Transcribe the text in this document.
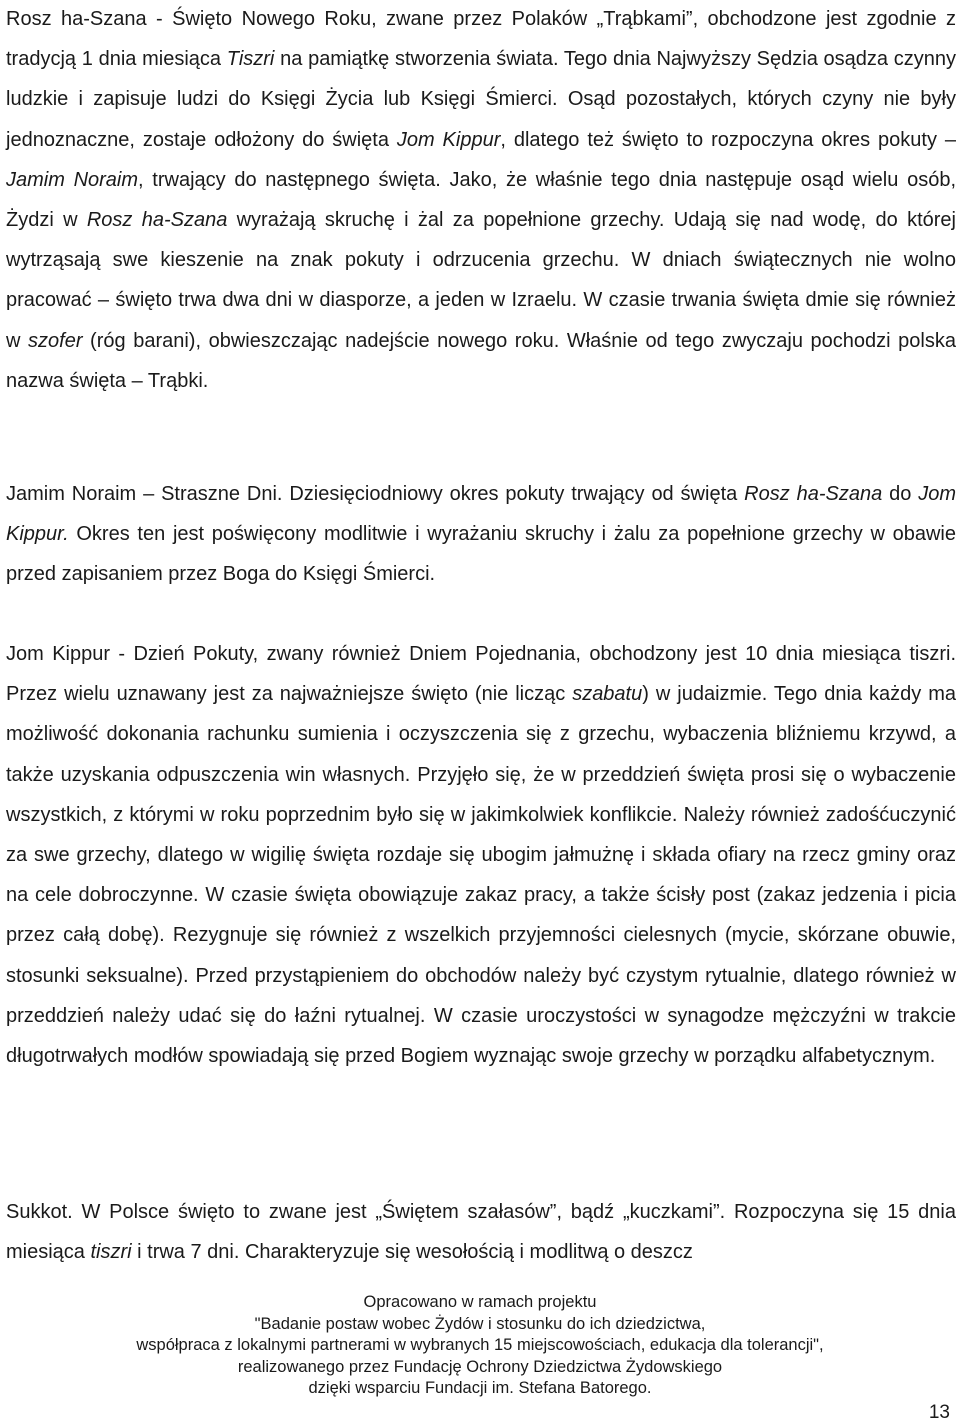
Rosz ha-Szana - Święto Nowego Roku, zwane przez Polaków „Trąbkami”, obchodzone jest zgodnie z tradycją 1 dnia miesiąca Tiszri na pamiątkę stworzenia świata. Tego dnia Najwyższy Sędzia osądza czynny ludzkie i zapisuje ludzi do Księgi Życia lub Księgi Śmierci. Osąd pozostałych, których czyny nie były jednoznaczne, zostaje odłożony do święta Jom Kippur, dlatego też święto to rozpoczyna okres pokuty – Jamim Noraim, trwający do następnego święta. Jako, że właśnie tego dnia następuje osąd wielu osób, Żydzi w Rosz ha-Szana wyrażają skruchę i żal za popełnione grzechy. Udają się nad wodę, do której wytrząsają swe kieszenie na znak pokuty i odrzucenia grzechu. W dniach świątecznych nie wolno pracować – święto trwa dwa dni w diasporze, a jeden w Izraelu. W czasie trwania święta dmie się również w szofer (róg barani), obwieszczając nadejście nowego roku. Właśnie od tego zwyczaju pochodzi polska nazwa święta – Trąbki.

Jamim Noraim – Straszne Dni. Dziesięciodniowy okres pokuty trwający od święta Rosz ha-Szana do Jom Kippur. Okres ten jest poświęcony modlitwie i wyrażaniu skruchy i żalu za popełnione grzechy w obawie przed zapisaniem przez Boga do Księgi Śmierci.

Jom Kippur - Dzień Pokuty, zwany również Dniem Pojednania, obchodzony jest 10 dnia miesiąca tiszri. Przez wielu uznawany jest za najważniejsze święto (nie licząc szabatu) w judaizmie. Tego dnia każdy ma możliwość dokonania rachunku sumienia i oczyszczenia się z grzechu, wybaczenia bliźniemu krzywd, a także uzyskania odpuszczenia win własnych. Przyjęło się, że w przeddzień święta prosi się o wybaczenie wszystkich, z którymi w roku poprzednim było się w jakimkolwiek konflikcie. Należy również zadośćuczynić za swe grzechy, dlatego w wigilię święta rozdaje się ubogim jałmużnę i składa ofiary na rzecz gminy oraz na cele dobroczynne. W czasie święta obowiązuje zakaz pracy, a także ścisły post (zakaz jedzenia i picia przez całą dobę). Rezygnuje się również z wszelkich przyjemności cielesnych (mycie, skórzane obuwie, stosunki seksualne). Przed przystąpieniem do obchodów należy być czystym rytualnie, dlatego również w przeddzień należy udać się do łaźni rytualnej. W czasie uroczystości w synagodze mężczyźni w trakcie długotrwałych modłów spowiadają się przed Bogiem wyznając swoje grzechy w porządku alfabetycznym.

Sukkot. W Polsce święto to zwane jest „Świętem szałasów”, bądź „kuczkami”. Rozpoczyna się 15 dnia miesiąca tiszri i trwa 7 dni. Charakteryzuje się wesołością i modlitwą o deszcz

Opracowano w ramach projektu
"Badanie postaw wobec Żydów i stosunku do ich dziedzictwa,
współpraca z lokalnymi partnerami w wybranych 15 miejscowościach, edukacja dla tolerancji",
realizowanego przez Fundację Ochrony Dziedzictwa Żydowskiego
dzięki wsparciu Fundacji im. Stefana Batorego.
13
